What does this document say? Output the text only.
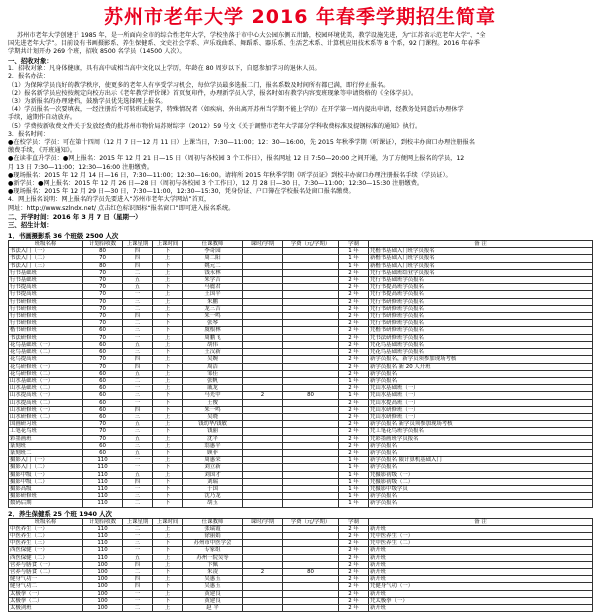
苏州市老年大学 2016 年春季学期招生简章
苏州市老年大学创建于 1985 年，是一所面向全市的综合性老年大学，学校坐落于市中心大公园东侧五卅路，校园环境优美，教学设施先进，为“江苏省示范老年大学”、“全
国先进老年大学”。目前设有书画摄影系、养生保健系、文史社会学系、声乐戏曲系、舞蹈系、器乐系、生活艺术系、计算机应用技术系等 8 个系，92 门课程。2016 年春季
学期共计划开办 269 个班，招收 8500 名学员（14500 人次）。
一、招收对象：
1．招收对象：凡身体健康，具有高中或相当高中文化以上学历，年龄在 80 周岁以下，自愿参加学习的退休人员。
2．报名办法：
（1）为保障学员良好的教学秩序，使更多的老年人有享受学习机会，每位学员最多选报二门，报名系数及时间所有都已满，即行停止报名。
（2）报名新学员应按按规定向校方出示《老年教学评价课》首页复印件，办理新学员入学，报名时如有教学内容变班现象等申请资格的《全体学员》。
（3）为新报名的办理建档，鼓励学员优先选择网上报名。
（4）学员报名一次要填表，一经注册后不可转班或退学，特殊情况者（如疾病、外出离开苏州当学期不能上学的）在开学第一周内提出申请，经教务处同意后办理休学
手续，逾期作自动放弃。
（5）学费按新收费文件关于发放经费的批苏州市物价局苏财综字（2012）59 号文《关于调整市老年大学部分学科收费标准及提钢标准的通知》执行。
3．报名时间：
●在校学员：学员：可在第十四周（12 月 7 日～12 月 11 日）上课当日，7:30—11:00；12：30—16:00，先 2015 年秋季学期（听课证），到校丰办窗口办理注册报名
缴费手续，《开班通知》。
●在读非直升学员：●网上报名：2015 年 12 月 21 日—15 日（周初与各校园 3 个工作日），报名网址 12 日 7:50—20:00 之间开通，为了方便网上报名的学员，12
月 13 日 7:30—11:00；12:30—16:00 注册缴费。
●现场报名：2015 年 12 月 14 日—16 日，7:30—11:00；12:30—16:00。请将所 2015 年秋季学期《听学员证》到校丰办窗口办理注册报名手续（学员证）。
●新学员：●网上报名：2015 年 12 月 26 日—28 日（周初与各校园 3 个工作日），12 月 28 日—30 日，7:30—11:00；12:30—15:30 注册缴费。
●现场报名：2015 年 12 月 29 日—30 日，7:30—11:00，12:30—15:30，凭身份证、户口簿在学校报名处窗口报名缴费。
4．网上报名说明：网上报名的学员先要进入“苏州市老年大学网站”首页，
网址：http://www.szlndx.net/ 点击红色标识图标“报名窗口”即可进入报名系统。
二、开学时间：2016 年 3 月 7 日（星期一）
三、招生计划：
1．书画摄影系 36 个班级 2500 人次
班级名称	计划招收数	上课星期	上课时间	任课教师	课时/学期	学费（元/学期）	学制	备 注
书法入门（一）	80	四	下	李奇园			1 年	凭楷书基础入门班学员报名
书法入门（二）	70	四	上	周二阳			1 年	新楷书基础入门班学员报名
书法入门（三）	80	四	下	姚元二			1 年	新楷书基础入门班学员报名
行书基础班	70	二	上	钱永林			2 年	凭行书基础班结业学员报名
行书基础班	70	五	上	朱学吉			2 年	凭行书基础班学员报名
行书提高班	70	五	下	马麗君			2 年	凭行书提高班学员报名
行书提高班	70	一	上	王国平			2 年	凭行书提高班学员报名
行书研修班	70	三	上	朱鹏			2 年	凭行书研修班学员报名
行书研修班	70	二	上	龙三吉			2 年	凭行书研修班学员报名
行书研修班	70	四	下	朱一鸣			2 年	凭行书研修班学员报名
行书研修班	70	二	下	张琴			2 年	凭行书研修班学员报名
楷书研修班	60	三	下	虞根林			2 年	凭楷书研修班学员报名
书法研修班	70	一	上	周鹏飞			2 年	凭书法研修班学员报名
花鸟基础班（一）	60	五	上	胡伟			2 年	凭花鸟基础班学员报名
花鸟基础班（二）	60	三	下	王汉新			2 年	凭花鸟基础班学员报名
花鸟提高班	70	四	上	吴婉			2 年	新学员报名，新学员须参加现场考核
花鸟研修班（一）	70	四	下	周洁			2 年	新学员报名 新 20 人开班
花鸟研修班（二）	60	五	上	邹佳			2 年	新学员报名
山水基础班（一）	60	二	上	张帆			1 年	新学员报名
山水基础班（二）	60	一	上	戚龙			2 年	凭山水基础班（一）
山水提高班（一）	60	三	下	马光中	2	80	1 年	凭山水基础班（一）
山水提高班（二）	60	一	下	王俊			2 年	凭山水提高班（一）
山水研修班（一）	60	四	下	朱一鸣			2 年	凭山水研修班（一）
山水研修班（二）	60	三	上	吴晓			2 年	凭山水研修班（一）
国画研习班	70	五	上	钱幼华/钱敏			2 年	新学员报名 新学员须参加现场考核
工笔花鸟班	70	三	下	钱丽			2 年	凭工笔花鸟班学员报名
彩墨画班	70	五	上	沈平			2 年	凭彩墨画班学员报名
篆刻班	60	三	上	翁惠平			2 年	新学员报名
篆刻班二	60	五	下	顾菲			2 年	新学员报名
摄影入门（一）	110	一	上	周惠荣			1 年	新学员报名 限计算机基础入门
摄影入门（二）	110	一	下	刘立新			1 年	新学员报名
摄影中级（一）	110	五	上	刘国才			1 年	凭摄影初级（一）
摄影中级（二）	110	四	下	刘瑞			1 年	凭摄影初级（二）
摄影高级	110	一	下	于国			1 年	凭摄影中级学员
摄影研修班	110	三	下	沈乃龙			1 年	新学员报名
数码后期	110	二	下	胡玉			1 年	新学员报名
2．养生保健系 25 个班 1940 人次
班级名称	计划招收数	上课星期	上课时间	任课教师	课时/学期	学费（元/学期）	学制	备 注
中医养生（一）	110	二	上	张瑞霞			2 年	新开班
中医养生（二）	110	一	上	徐丽娟			2 年	凭中医养生（一）
中医养生（三）	110	三	下	苏州市中医学会			2 年	凭中医养生（二）
西医保健（一）	110	一	下	专家组			2 年	新开班
西医保健（二）	110	五	上	苏州一院吴等			2 年	新开班
营养与膳食（一）	100	四	上	卞佩			2 年	新开班
营养与膳食（二）	100	二	下	朱凌	2	80	2 年	新开班
健身气功一	100	四	上	吴惠玉			2 年	新开班
健身气功二	100	四	下	吴惠玉			2 年	凭健身气功（一）
太极拳（一）	100	一	上	黄建良			2 年	新开班
太极拳（二）	100	一	下	黄建良			2 年	凭太极拳（一）
太极剑班	100	二	上	赵 平			2 年	新开班
